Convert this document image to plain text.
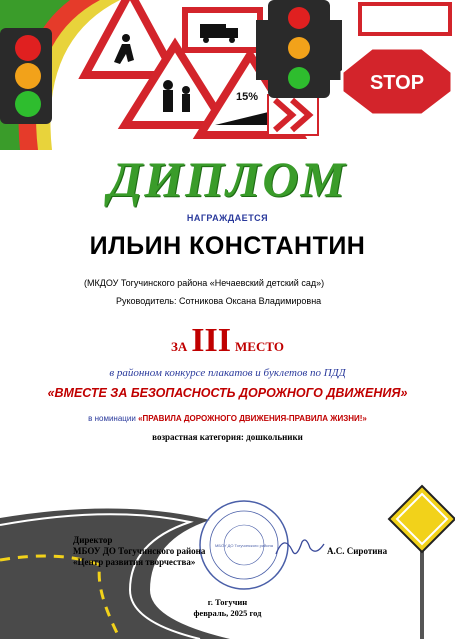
15%
STOP
ДИПЛОМ
НАГРАЖДАЕТСЯ
ИЛЬИН КОНСТАНТИН
(МКДОУ Тогучинского района «Нечаевский детский сад»)
Руководитель: Сотникова Оксана Владимировна
ЗА III МЕСТО
в районном конкурсе плакатов и буклетов по ПДД
«ВМЕСТЕ ЗА БЕЗОПАСНОСТЬ ДОРОЖНОГО ДВИЖЕНИЯ»
в номинации «ПРАВИЛА ДОРОЖНОГО ДВИЖЕНИЯ-ПРАВИЛА ЖИЗНИ!»
возрастная категория: дошкольники
МБОУ ДО Тогучинского района
Директор
МБОУ ДО Тогучинского района
«Центр развития творчества»
А.С. Сиротина
г. Тогучин
февраль, 2025 год
